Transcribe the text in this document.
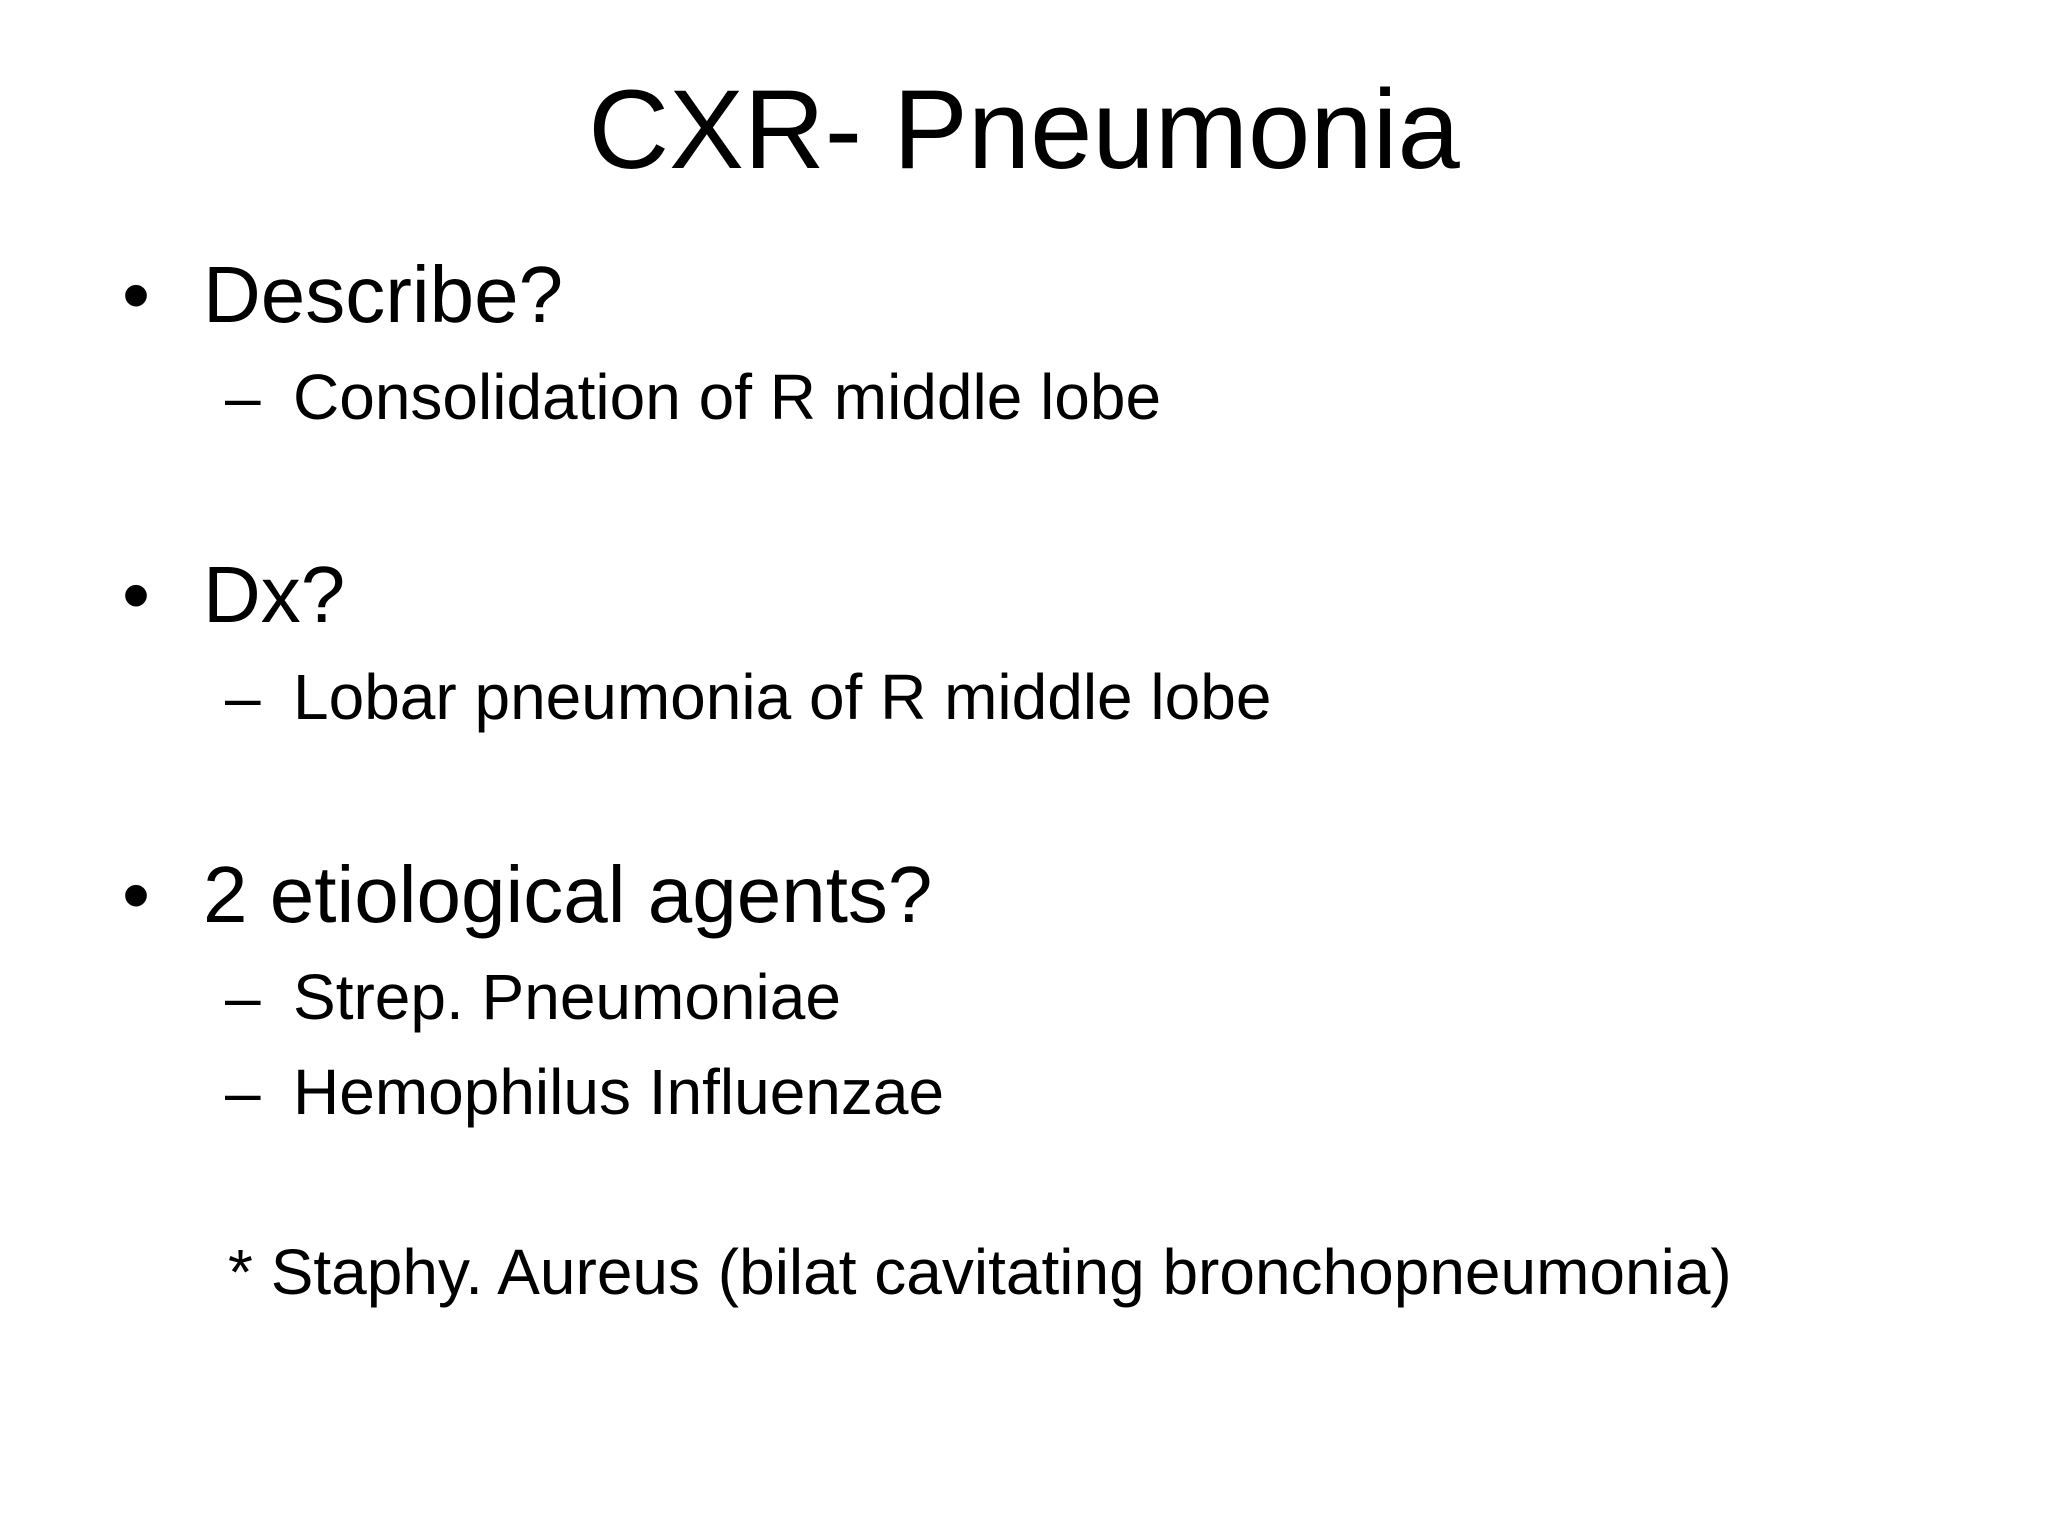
CXR- Pneumonia
• Describe?
– Consolidation of R middle lobe
• Dx?
– Lobar pneumonia of R middle lobe
• 2 etiological agents?
– Strep. Pneumoniae
– Hemophilus Influenzae
* Staphy. Aureus (bilat cavitating bronchopneumonia)
